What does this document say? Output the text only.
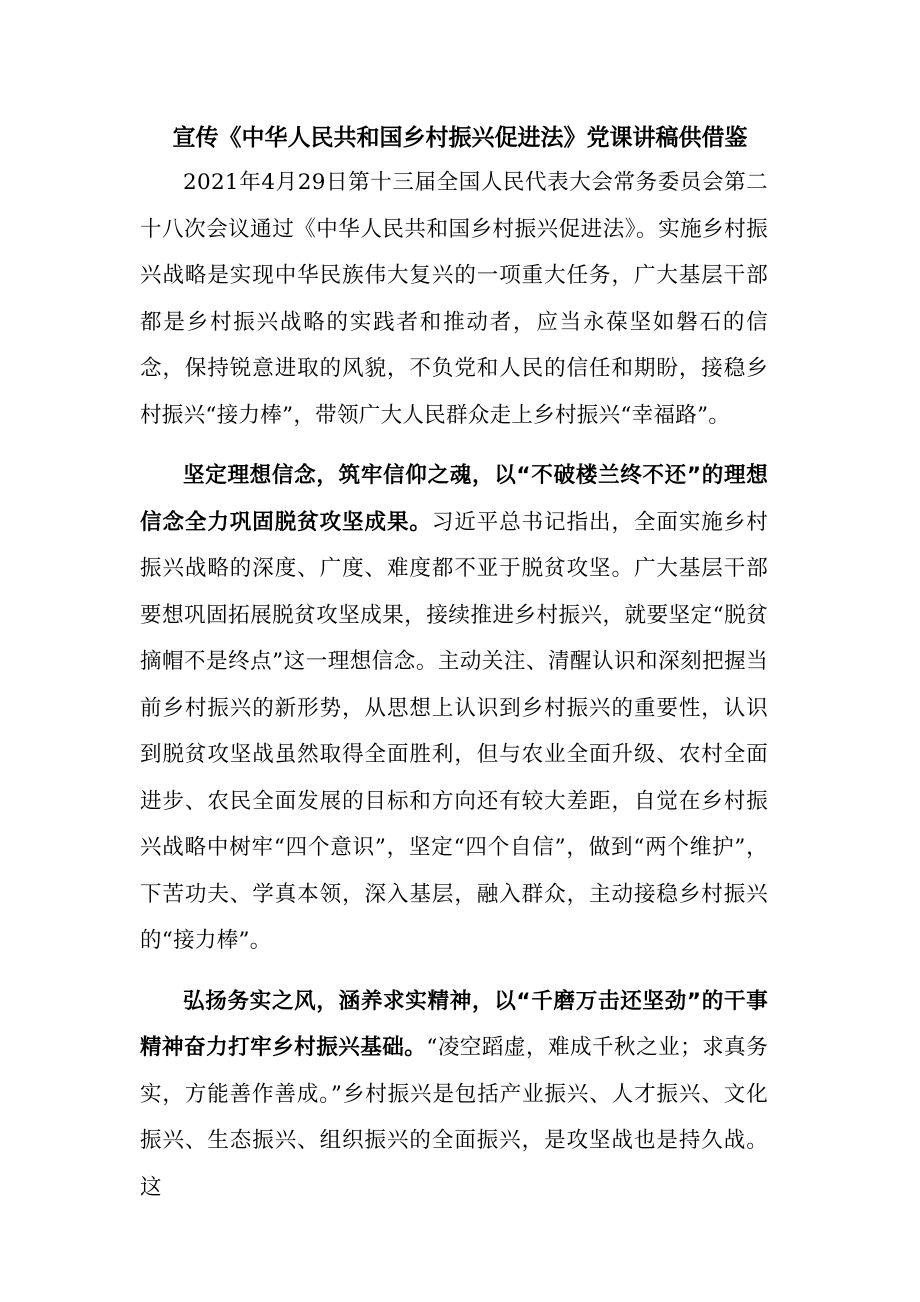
宣传《中华人民共和国乡村振兴促进法》党课讲稿供借鉴

2021年4月29日第十三届全国人民代表大会常务委员会第二十八次会议通过《中华人民共和国乡村振兴促进法》。实施乡村振兴战略是实现中华民族伟大复兴的一项重大任务，广大基层干部都是乡村振兴战略的实践者和推动者，应当永葆坚如磐石的信念，保持锐意进取的风貌，不负党和人民的信任和期盼，接稳乡村振兴“接力棒”，带领广大人民群众走上乡村振兴“幸福路”。

坚定理想信念，筑牢信仰之魂，以“不破楼兰终不还”的理想信念全力巩固脱贫攻坚成果。习近平总书记指出，全面实施乡村振兴战略的深度、广度、难度都不亚于脱贫攻坚。广大基层干部要想巩固拓展脱贫攻坚成果，接续推进乡村振兴，就要坚定“脱贫摘帽不是终点”这一理想信念。主动关注、清醒认识和深刻把握当前乡村振兴的新形势，从思想上认识到乡村振兴的重要性，认识到脱贫攻坚战虽然取得全面胜利，但与农业全面升级、农村全面进步、农民全面发展的目标和方向还有较大差距，自觉在乡村振兴战略中树牢“四个意识”，坚定“四个自信”，做到“两个维护”，下苦功夫、学真本领，深入基层，融入群众，主动接稳乡村振兴的“接力棒”。

弘扬务实之风，涵养求实精神，以“千磨万击还坚劲”的干事精神奋力打牢乡村振兴基础。“凌空蹈虚，难成千秋之业；求真务实，方能善作善成。”乡村振兴是包括产业振兴、人才振兴、文化振兴、生态振兴、组织振兴的全面振兴，是攻坚战也是持久战。这
